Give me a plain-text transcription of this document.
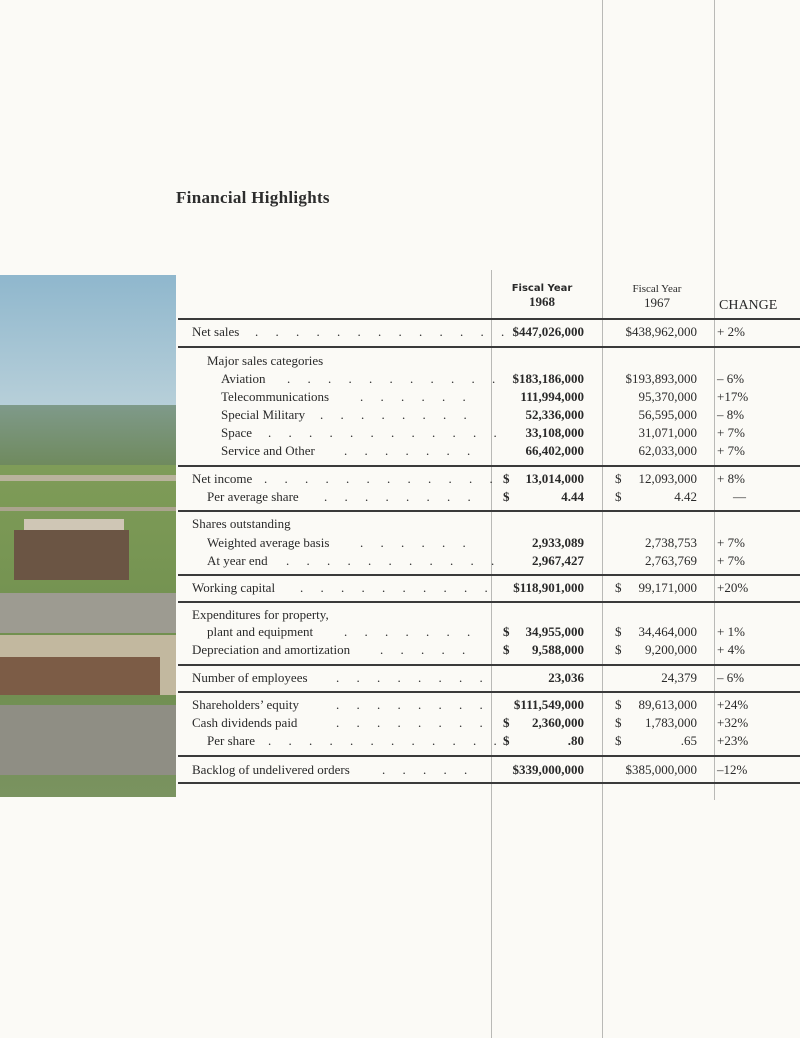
Financial Highlights
Fiscal Year
1968
Fiscal Year
1967	CHANGE
Net sales . . . . . . . . . . . . . $447,026,000	$438,962,000 + 2%
Major sales categories
Aviation . . . . . . . . . . . $183,186,000	$193,893,000 – 6%
Telecommunications . . . . . .	111,994,000	95,370,000 +17%
Special Military . . . . . . . .	52,336,000	56,595,000 – 8%
Space . . . . . . . . . . . .	33,108,000	31,071,000 + 7%
Service and Other . . . . . . .	66,402,000	62,033,000 + 7%
Net income . . . . . . . . . . . . $	13,014,000 $	12,093,000 + 8%
Per average share . . . . . . . . $	4.44 $	4.42	—
Shares outstanding
Weighted average basis . . . . . .	2,933,089	2,738,753 + 7%
At year end . . . . . . . . . . .	2,967,427	2,763,769 + 7%
Working capital . . . . . . . . . .	$118,901,000 $	99,171,000 +20%
Expenditures for property,
plant and equipment . . . . . . . $	34,955,000 $	34,464,000 + 1%
Depreciation and amortization . . . . . $	9,588,000 $	9,200,000 + 4%
Number of employees . . . . . . . .	23,036	24,379 – 6%
Shareholders’ equity	. . . . . . . .	$111,549,000 $	89,613,000 +24%
Cash dividends paid	. . . . . . . . $	2,360,000 $	1,783,000 +32%
Per share . . . . . . . . . . . . $	.80 $	.65 +23%
Backlog of undelivered orders . . . . .	$339,000,000	$385,000,000 –12%
